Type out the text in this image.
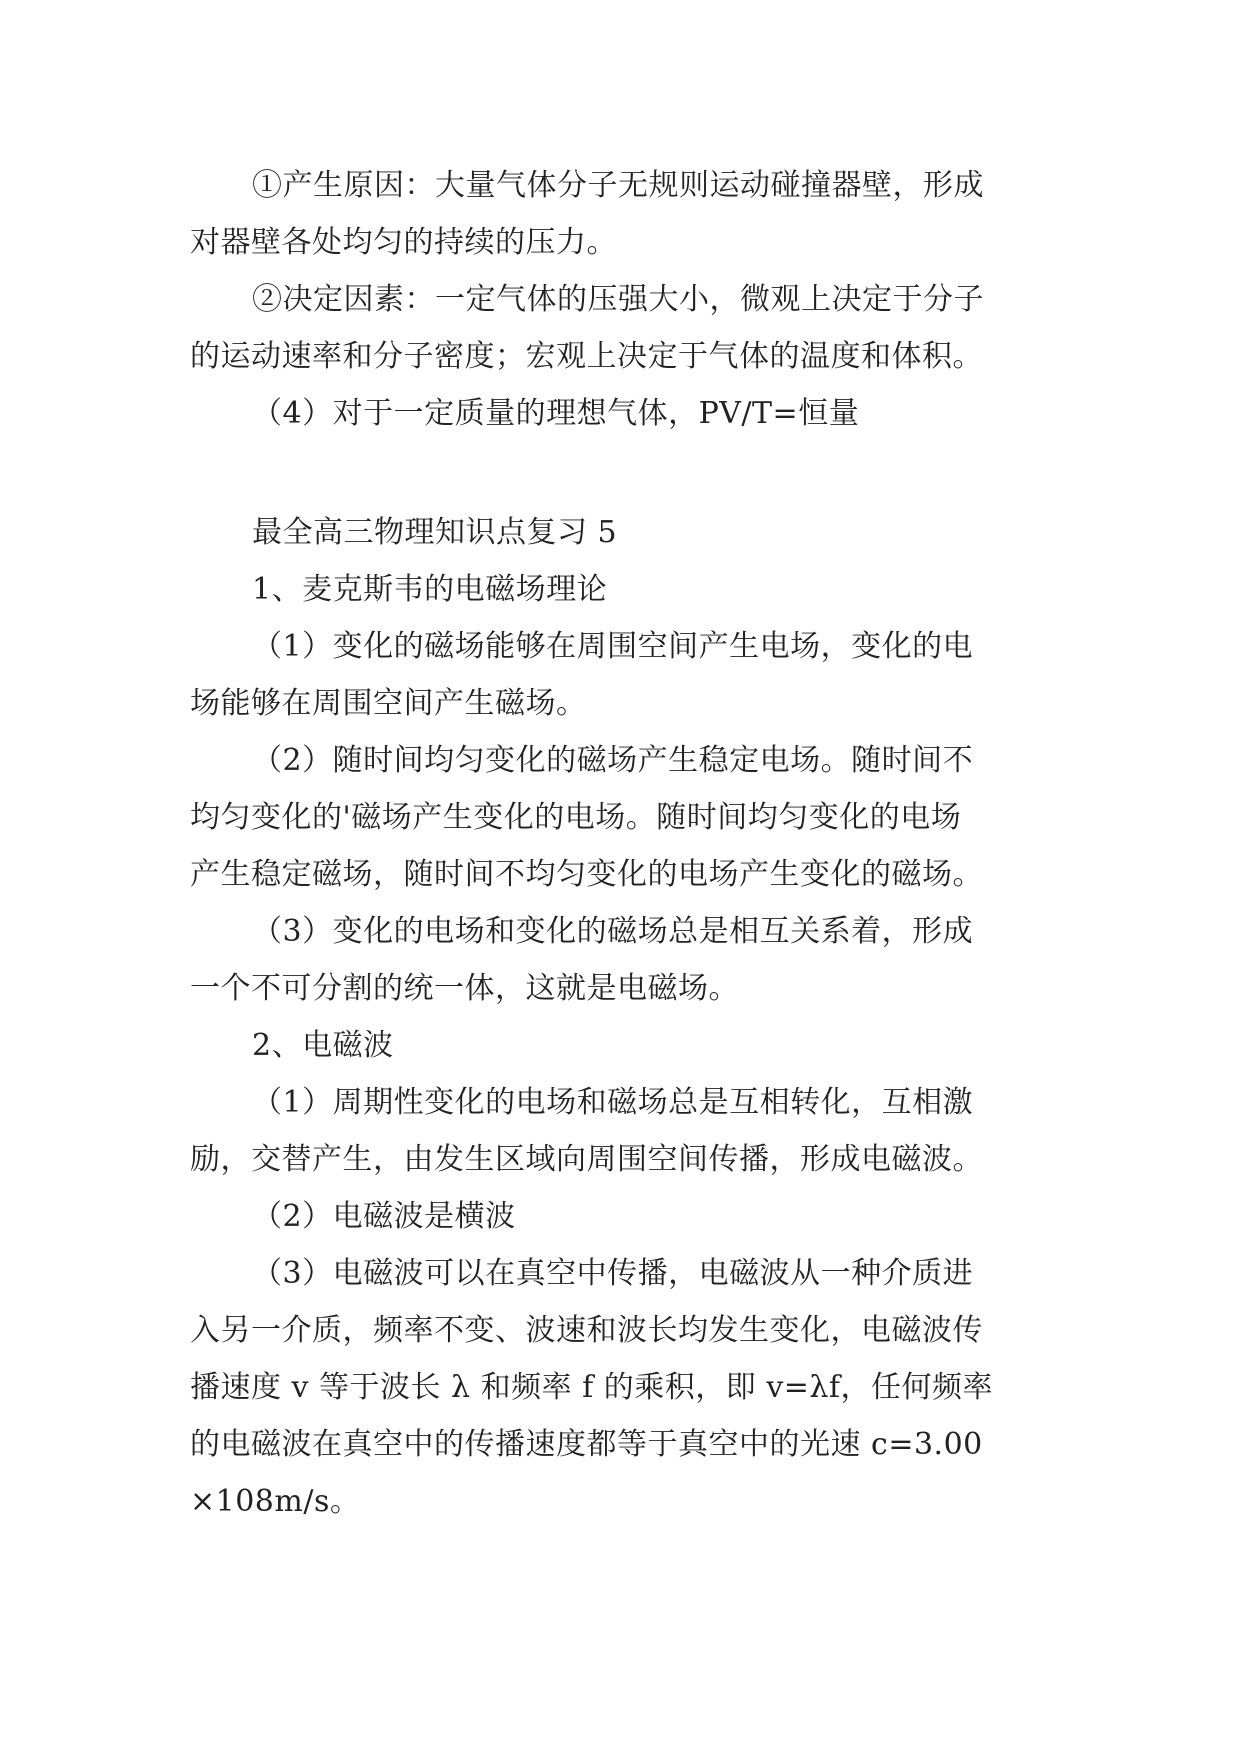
①产生原因：大量气体分子无规则运动碰撞器壁，形成
对器壁各处均匀的持续的压力。
②决定因素：一定气体的压强大小，微观上决定于分子
的运动速率和分子密度；宏观上决定于气体的温度和体积。
（4）对于一定质量的理想气体，PV/T=恒量
最全高三物理知识点复习 5
1、麦克斯韦的电磁场理论
（1）变化的磁场能够在周围空间产生电场，变化的电
场能够在周围空间产生磁场。
（2）随时间均匀变化的磁场产生稳定电场。随时间不
均匀变化的'磁场产生变化的电场。随时间均匀变化的电场
产生稳定磁场，随时间不均匀变化的电场产生变化的磁场。
（3）变化的电场和变化的磁场总是相互关系着，形成
一个不可分割的统一体，这就是电磁场。
2、电磁波
（1）周期性变化的电场和磁场总是互相转化，互相激
励，交替产生，由发生区域向周围空间传播，形成电磁波。
（2）电磁波是横波
（3）电磁波可以在真空中传播，电磁波从一种介质进
入另一介质，频率不变、波速和波长均发生变化，电磁波传
播速度 v 等于波长 λ 和频率 f 的乘积，即 v=λf，任何频率
的电磁波在真空中的传播速度都等于真空中的光速 c=3.00
×108m/s。
